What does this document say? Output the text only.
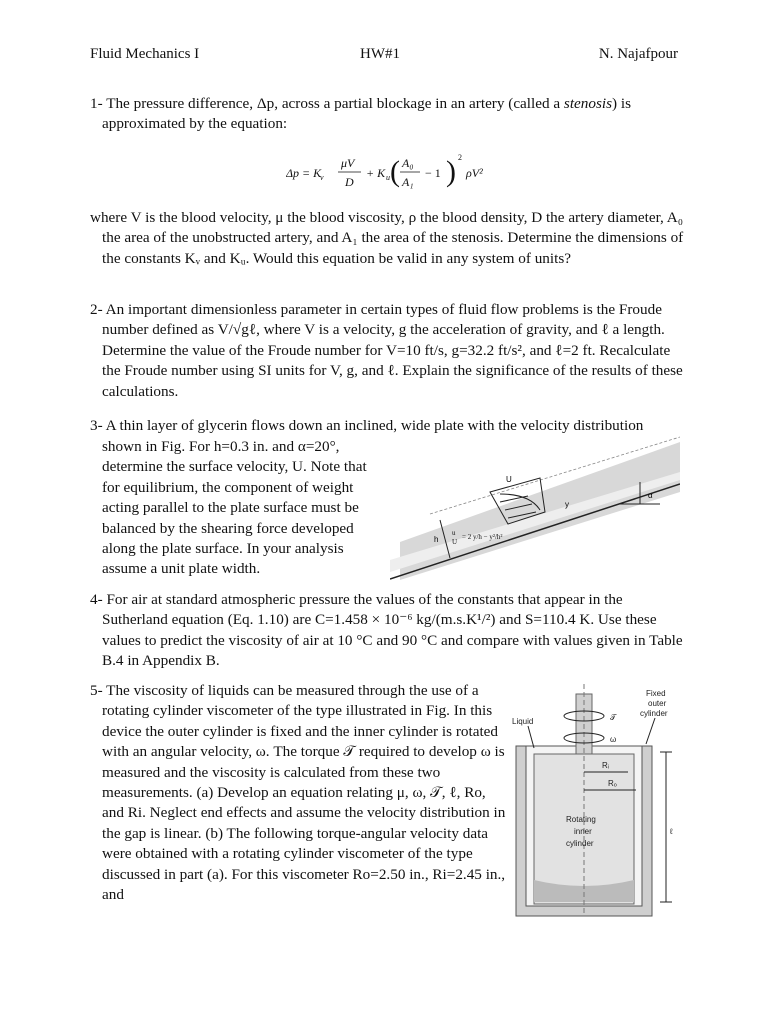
Fluid Mechanics I	HW#1	N. Najafpour
1- The pressure difference, Δp, across a partial blockage in an artery (called a stenosis) is approximated by the equation:
Δp = K
v
μV
D
+ K u ( A₀
A₁
− 1 ) 2
ρV²
where V is the blood velocity, μ the blood viscosity, ρ the blood density, D the artery diameter, A₀ the area of the unobstructed artery, and A₁ the area of the stenosis. Determine the dimensions of the constants Kᵥ and Kᵤ. Would this equation be valid in any system of units?
2- An important dimensionless parameter in certain types of fluid flow problems is the Froude number defined as V/√gℓ, where V is a velocity, g the acceleration of gravity, and ℓ a length. Determine the value of the Froude number for V=10 ft/s, g=32.2 ft/s², and ℓ=2 ft. Recalculate the Froude number using SI units for V, g, and ℓ. Explain the significance of the results of these calculations.
3- A thin layer of glycerin flows down an inclined, wide plate with the velocity distribution
shown in Fig. For h=0.3 in. and α=20°, determine the surface velocity, U. Note that for equilibrium, the component of weight acting parallel to the plate surface must be balanced by the shearing force developed along the plate surface. In your analysis assume a unit plate width.
U
h
y
α
u
U
= 2 y/h − y²/h²
4- For air at standard atmospheric pressure the values of the constants that appear in the Sutherland equation (Eq. 1.10) are C=1.458 × 10⁻⁶ kg/(m.s.K¹/²) and S=110.4 K. Use these values to predict the viscosity of air at 10 °C and 90 °C and compare with values given in Table B.4 in Appendix B.
5- The viscosity of liquids can be measured through the use of a rotating cylinder viscometer of the type illustrated in Fig. In this device the outer cylinder is fixed and the inner cylinder is rotated with an angular velocity, ω. The torque 𝒯 required to develop ω is measured and the viscosity is calculated from these two measurements. (a) Develop an equation relating μ, ω, 𝒯, ℓ, Ro, and Ri. Neglect end effects and assume the velocity distribution in the gap is linear. (b) The following torque-angular velocity data were obtained with a rotating cylinder viscometer of the type discussed in part (a). For this viscometer Ro=2.50 in., Ri=2.45 in., and
Fixed
outer
cylinder
Liquid	𝒯
ω
Rᵢ
Rₒ
Rotating
inner
cylinder
ℓ
